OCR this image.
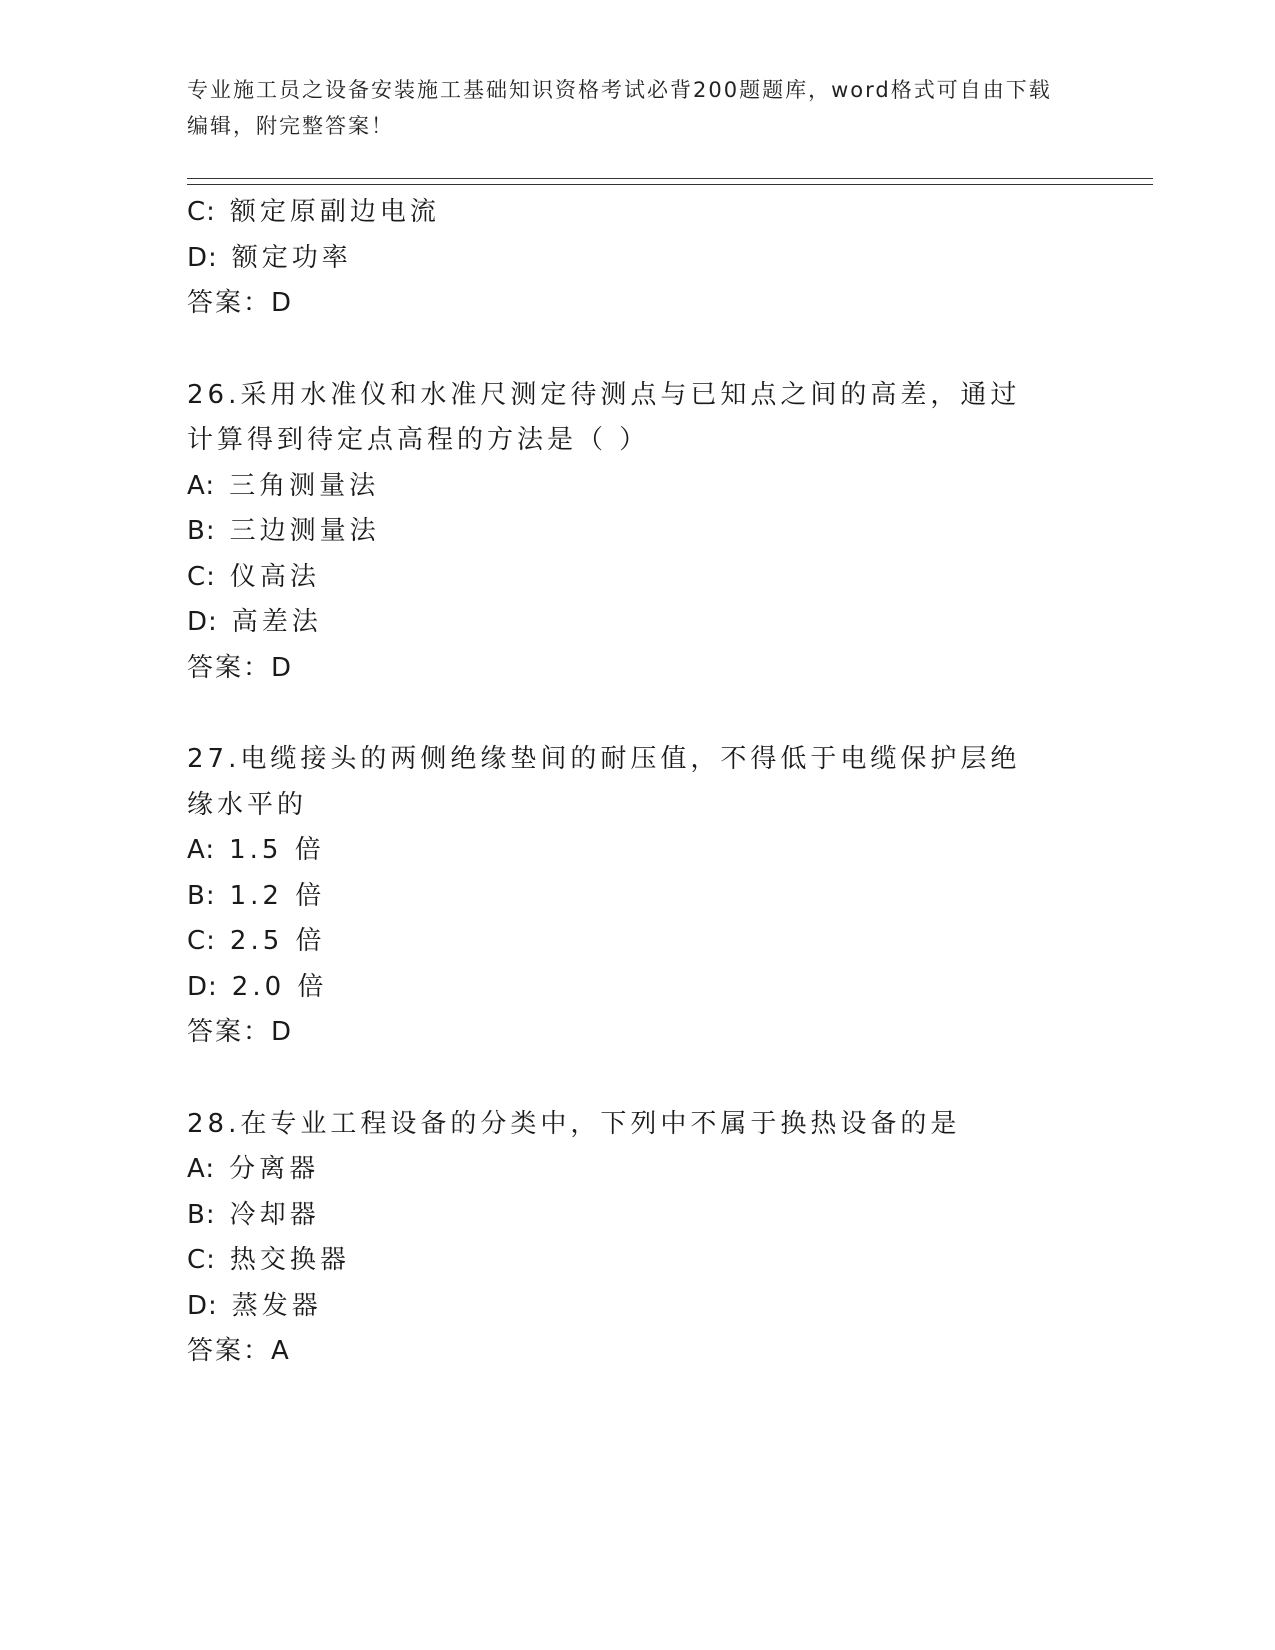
专业施工员之设备安装施工基础知识资格考试必背200题题库，word格式可自由下载编辑，附完整答案！
C: 额定原副边电流
D: 额定功率
答案：D
26.采用水准仪和水准尺测定待测点与已知点之间的高差，通过计算得到待定点高程的方法是（ ）
A: 三角测量法
B: 三边测量法
C: 仪高法
D: 高差法
答案：D
27.电缆接头的两侧绝缘垫间的耐压值，不得低于电缆保护层绝缘水平的
A: 1.5 倍
B: 1.2 倍
C: 2.5 倍
D: 2.0 倍
答案：D
28.在专业工程设备的分类中，下列中不属于换热设备的是
A: 分离器
B: 冷却器
C: 热交换器
D: 蒸发器
答案：A
